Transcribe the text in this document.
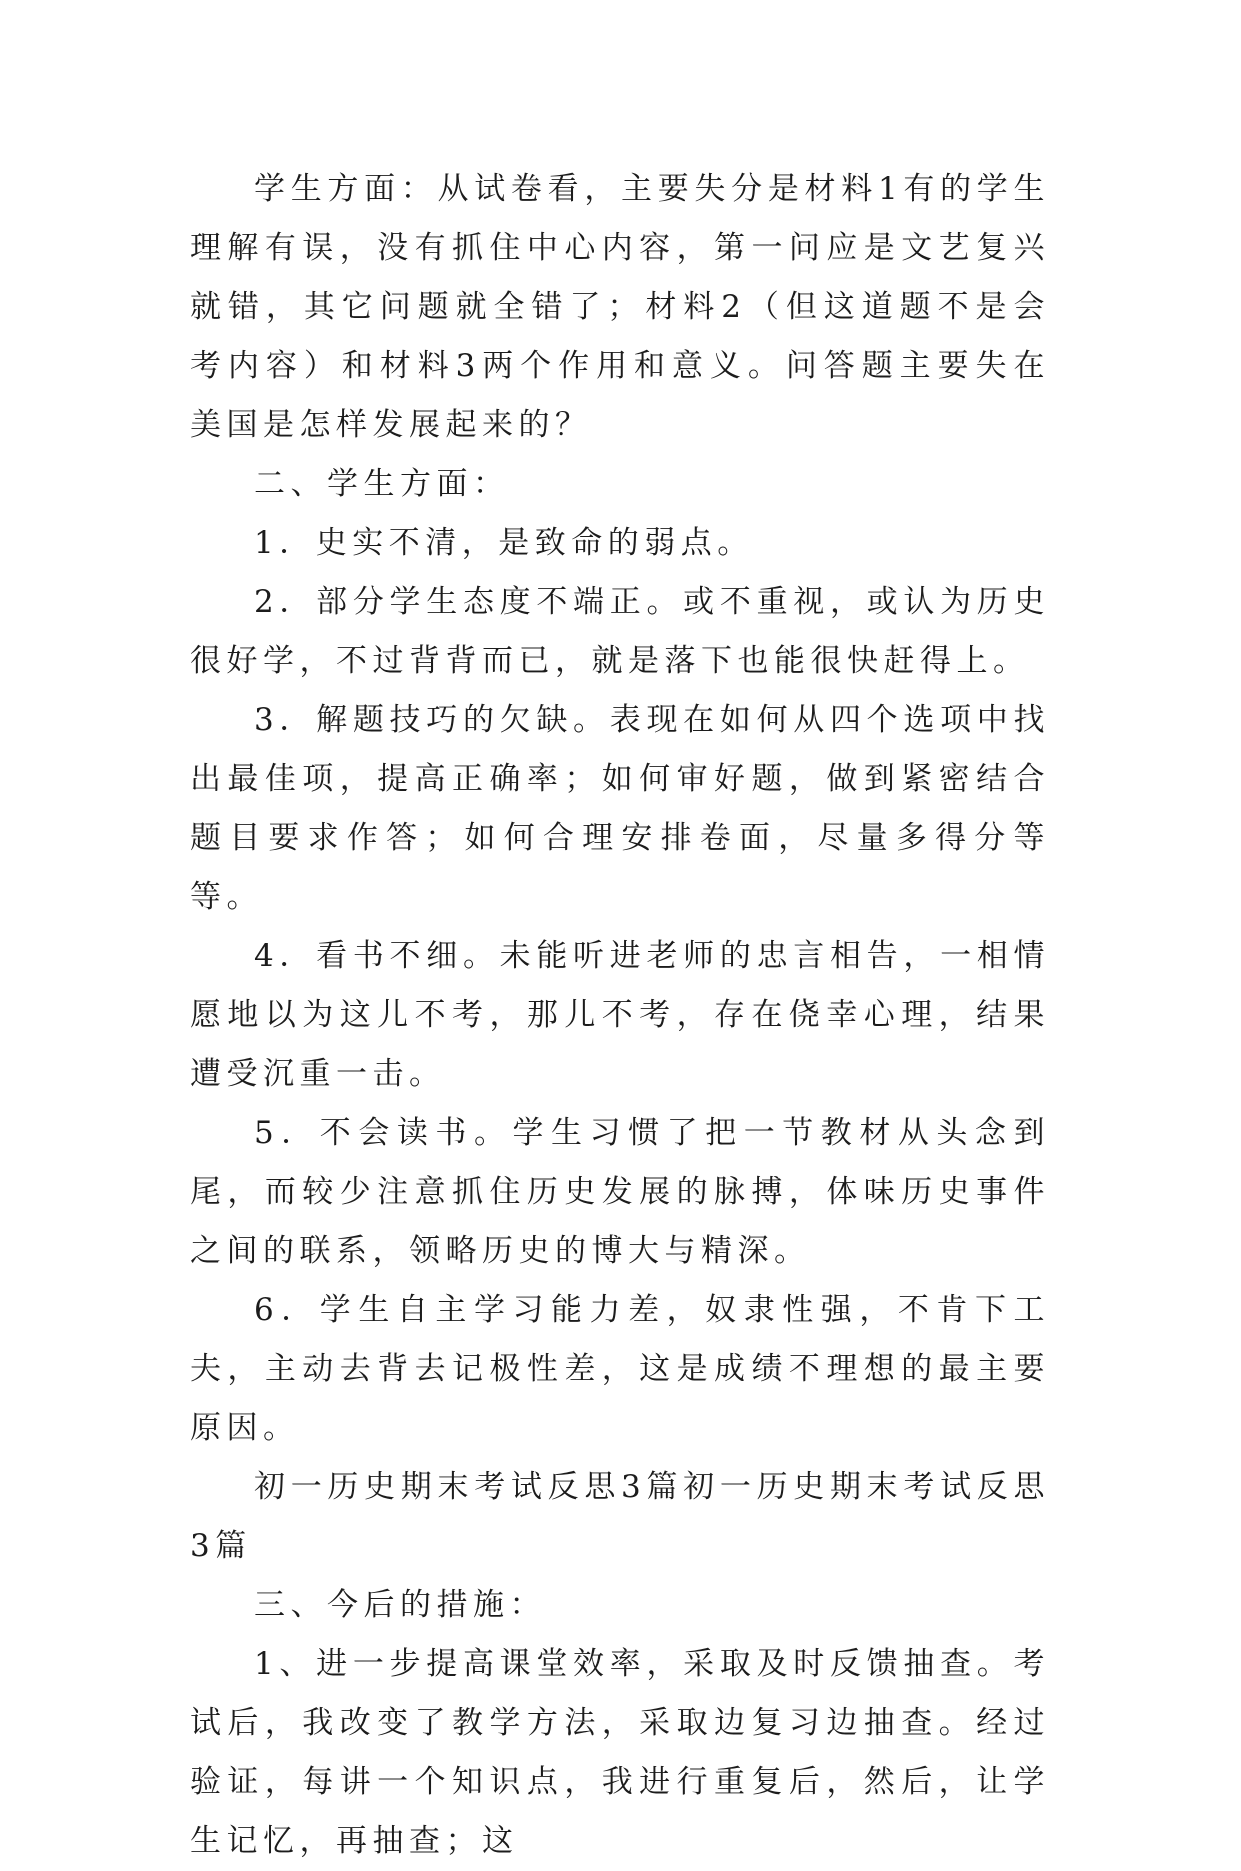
学生方面：从试卷看，主要失分是材料1有的学生理解有误，没有抓住中心内容，第一问应是文艺复兴就错，其它问题就全错了；材料2（但这道题不是会考内容）和材料3两个作用和意义。问答题主要失在美国是怎样发展起来的？

二、学生方面：

1．史实不清，是致命的弱点。

2．部分学生态度不端正。或不重视，或认为历史很好学，不过背背而已，就是落下也能很快赶得上。

3．解题技巧的欠缺。表现在如何从四个选项中找出最佳项，提高正确率；如何审好题，做到紧密结合题目要求作答；如何合理安排卷面，尽量多得分等等。

4．看书不细。未能听进老师的忠言相告，一相情愿地以为这儿不考，那儿不考，存在侥幸心理，结果遭受沉重一击。

5．不会读书。学生习惯了把一节教材从头念到尾，而较少注意抓住历史发展的脉搏，体味历史事件之间的联系，领略历史的博大与精深。

6．学生自主学习能力差，奴隶性强，不肯下工夫，主动去背去记极性差，这是成绩不理想的最主要原因。

初一历史期末考试反思3篇初一历史期末考试反思3篇

三、今后的措施：

1、进一步提高课堂效率，采取及时反馈抽查。考试后，我改变了教学方法，采取边复习边抽查。经过验证，每讲一个知识点，我进行重复后，然后，让学生记忆，再抽查；这
